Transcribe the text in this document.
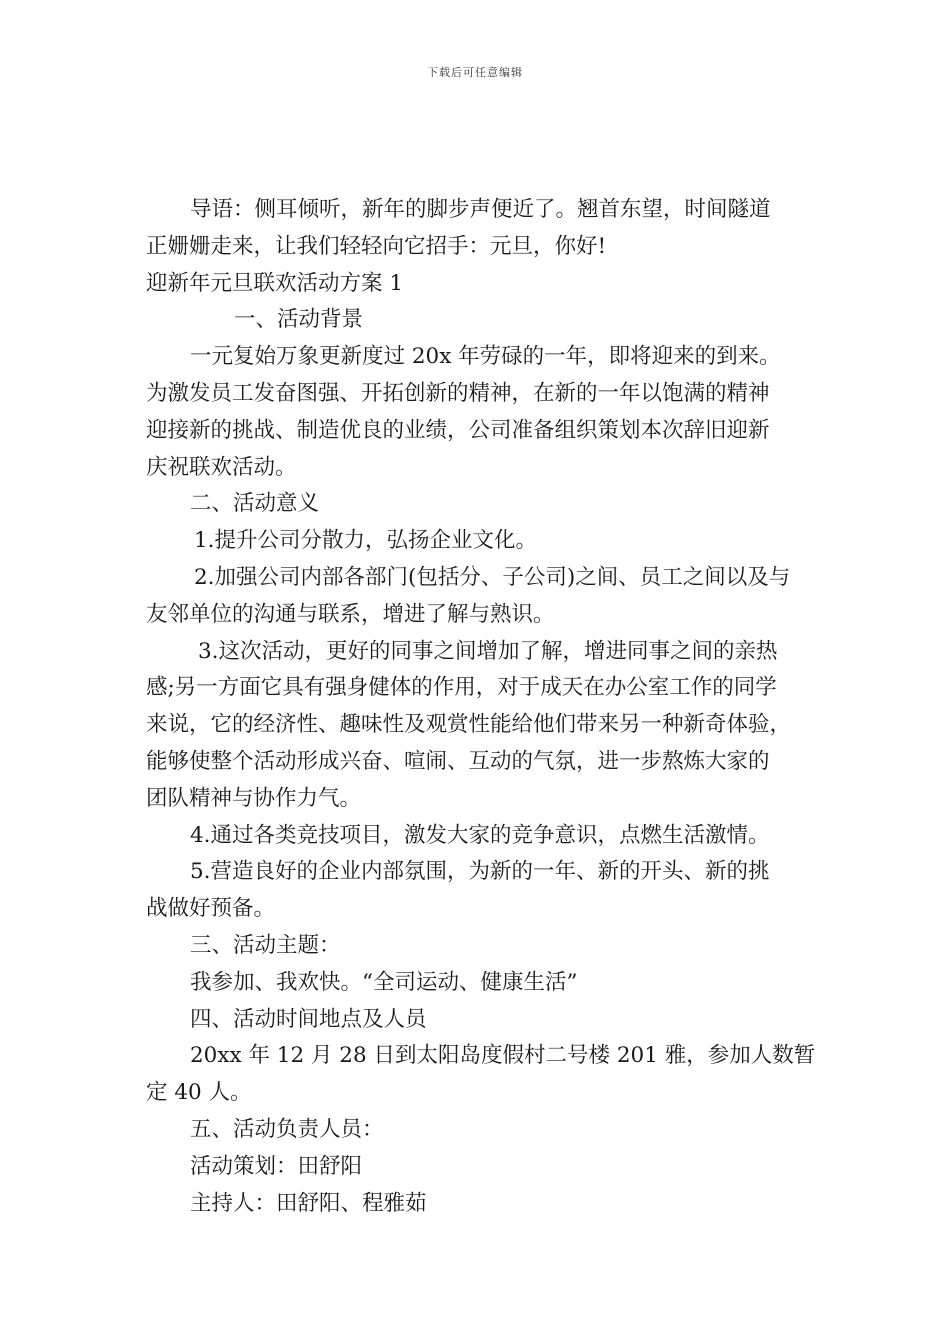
下载后可任意编辑

导语：侧耳倾听，新年的脚步声便近了。翘首东望，时间隧道

正姗姗走来，让我们轻轻向它招手：元旦，你好!

迎新年元旦联欢活动方案 1

一、活动背景

一元复始万象更新度过 20x 年劳碌的一年，即将迎来的到来。

为激发员工发奋图强、开拓创新的精神，在新的一年以饱满的精神

迎接新的挑战、制造优良的业绩，公司准备组织策划本次辞旧迎新

庆祝联欢活动。

二、活动意义

1.提升公司分散力，弘扬企业文化。

2.加强公司内部各部门(包括分、子公司)之间、员工之间以及与

友邻单位的沟通与联系，增进了解与熟识。

3.这次活动，更好的同事之间增加了解，增进同事之间的亲热

感;另一方面它具有强身健体的作用，对于成天在办公室工作的同学

来说，它的经济性、趣味性及观赏性能给他们带来另一种新奇体验，

能够使整个活动形成兴奋、喧闹、互动的气氛，进一步熬炼大家的

团队精神与协作力气。

4.通过各类竞技项目，激发大家的竞争意识，点燃生活激情。

5.营造良好的企业内部氛围，为新的一年、新的开头、新的挑

战做好预备。

三、活动主题：

我参加、我欢快。“全司运动、健康生活”

四、活动时间地点及人员

20xx 年 12 月 28 日到太阳岛度假村二号楼 201 雅，参加人数暂

定 40 人。

五、活动负责人员：

活动策划：田舒阳

主持人：田舒阳、程雅茹
